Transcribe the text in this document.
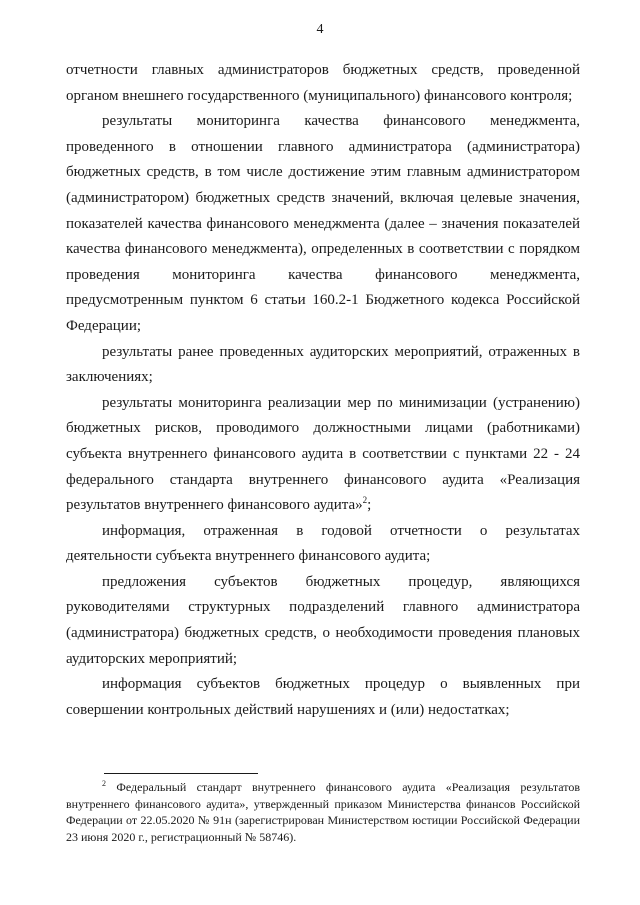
4

отчетности главных администраторов бюджетных средств, проведенной органом внешнего государственного (муниципального) финансового контроля;

результаты мониторинга качества финансового менеджмента, проведенного в отношении главного администратора (администратора) бюджетных средств, в том числе достижение этим главным администратором (администратором) бюджетных средств значений, включая целевые значения, показателей качества финансового менеджмента (далее – значения показателей качества финансового менеджмента), определенных в соответствии с порядком проведения мониторинга качества финансового менеджмента, предусмотренным пунктом 6 статьи 160.2-1 Бюджетного кодекса Российской Федерации;

результаты ранее проведенных аудиторских мероприятий, отраженных в заключениях;

результаты мониторинга реализации мер по минимизации (устранению) бюджетных рисков, проводимого должностными лицами (работниками) субъекта внутреннего финансового аудита в соответствии с пунктами 22 - 24 федерального стандарта внутреннего финансового аудита «Реализация результатов внутреннего финансового аудита»$^2$;

информация, отраженная в годовой отчетности о результатах деятельности субъекта внутреннего финансового аудита;

предложения субъектов бюджетных процедур, являющихся руководителями структурных подразделений главного администратора (администратора) бюджетных средств, о необходимости проведения плановых аудиторских мероприятий;

информация субъектов бюджетных процедур о выявленных при совершении контрольных действий нарушениях и (или) недостатках;

$^2$ Федеральный стандарт внутреннего финансового аудита «Реализация результатов внутреннего финансового аудита», утвержденный приказом Министерства финансов Российской Федерации от 22.05.2020 № 91н (зарегистрирован Министерством юстиции Российской Федерации 23 июня 2020 г., регистрационный № 58746).
